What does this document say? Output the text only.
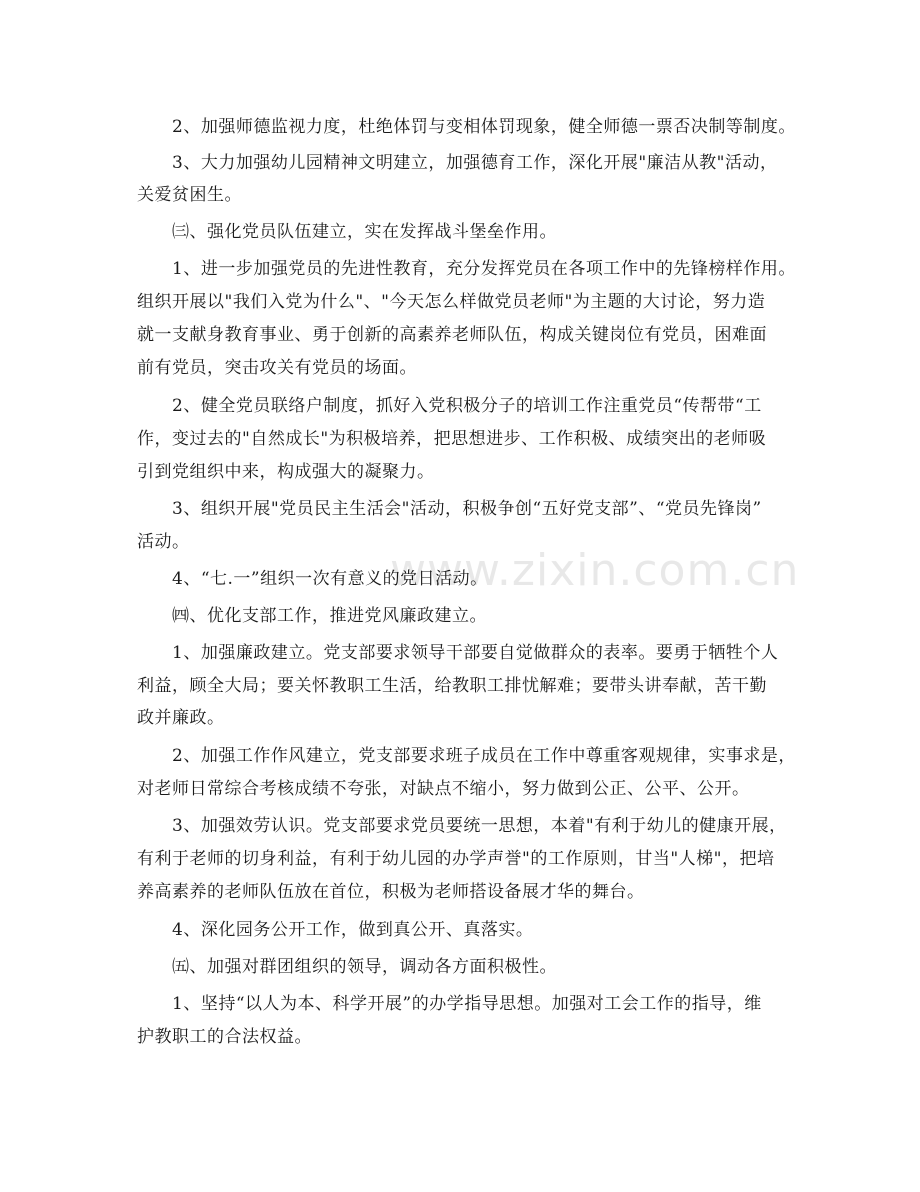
www.zixin.com.cn
　　2、加强师德监视力度，杜绝体罚与变相体罚现象，健全师德一票否决制等制度。
　　3、大力加强幼儿园精神文明建立，加强德育工作，深化开展"廉洁从教"活动，
关爱贫困生。
　　㈢、强化党员队伍建立，实在发挥战斗堡垒作用。
　　1、进一步加强党员的先进性教育，充分发挥党员在各项工作中的先锋榜样作用。
组织开展以"我们入党为什么"、"今天怎么样做党员老师"为主题的大讨论，努力造
就一支献身教育事业、勇于创新的高素养老师队伍，构成关键岗位有党员，困难面
前有党员，突击攻关有党员的场面。
　　2、健全党员联络户制度，抓好入党积极分子的培训工作注重党员“传帮带“工
作，变过去的"自然成长"为积极培养，把思想进步、工作积极、成绩突出的老师吸
引到党组织中来，构成强大的凝聚力。
　　3、组织开展"党员民主生活会"活动，积极争创“五好党支部”、“党员先锋岗”
活动。
　　4、“七.一”组织一次有意义的党日活动。
　　㈣、优化支部工作，推进党风廉政建立。
　　1、加强廉政建立。党支部要求领导干部要自觉做群众的表率。要勇于牺牲个人
利益，顾全大局；要关怀教职工生活，给教职工排忧解难；要带头讲奉献，苦干勤
政并廉政。
　　2、加强工作作风建立，党支部要求班子成员在工作中尊重客观规律，实事求是，
对老师日常综合考核成绩不夸张，对缺点不缩小，努力做到公正、公平、公开。
　　3、加强效劳认识。党支部要求党员要统一思想，本着"有利于幼儿的健康开展，
有利于老师的切身利益，有利于幼儿园的办学声誉"的工作原则，甘当"人梯"，把培
养高素养的老师队伍放在首位，积极为老师搭设备展才华的舞台。
　　4、深化园务公开工作，做到真公开、真落实。
　　㈤、加强对群团组织的领导，调动各方面积极性。
　　1、坚持“以人为本、科学开展”的办学指导思想。加强对工会工作的指导，维
护教职工的合法权益。
